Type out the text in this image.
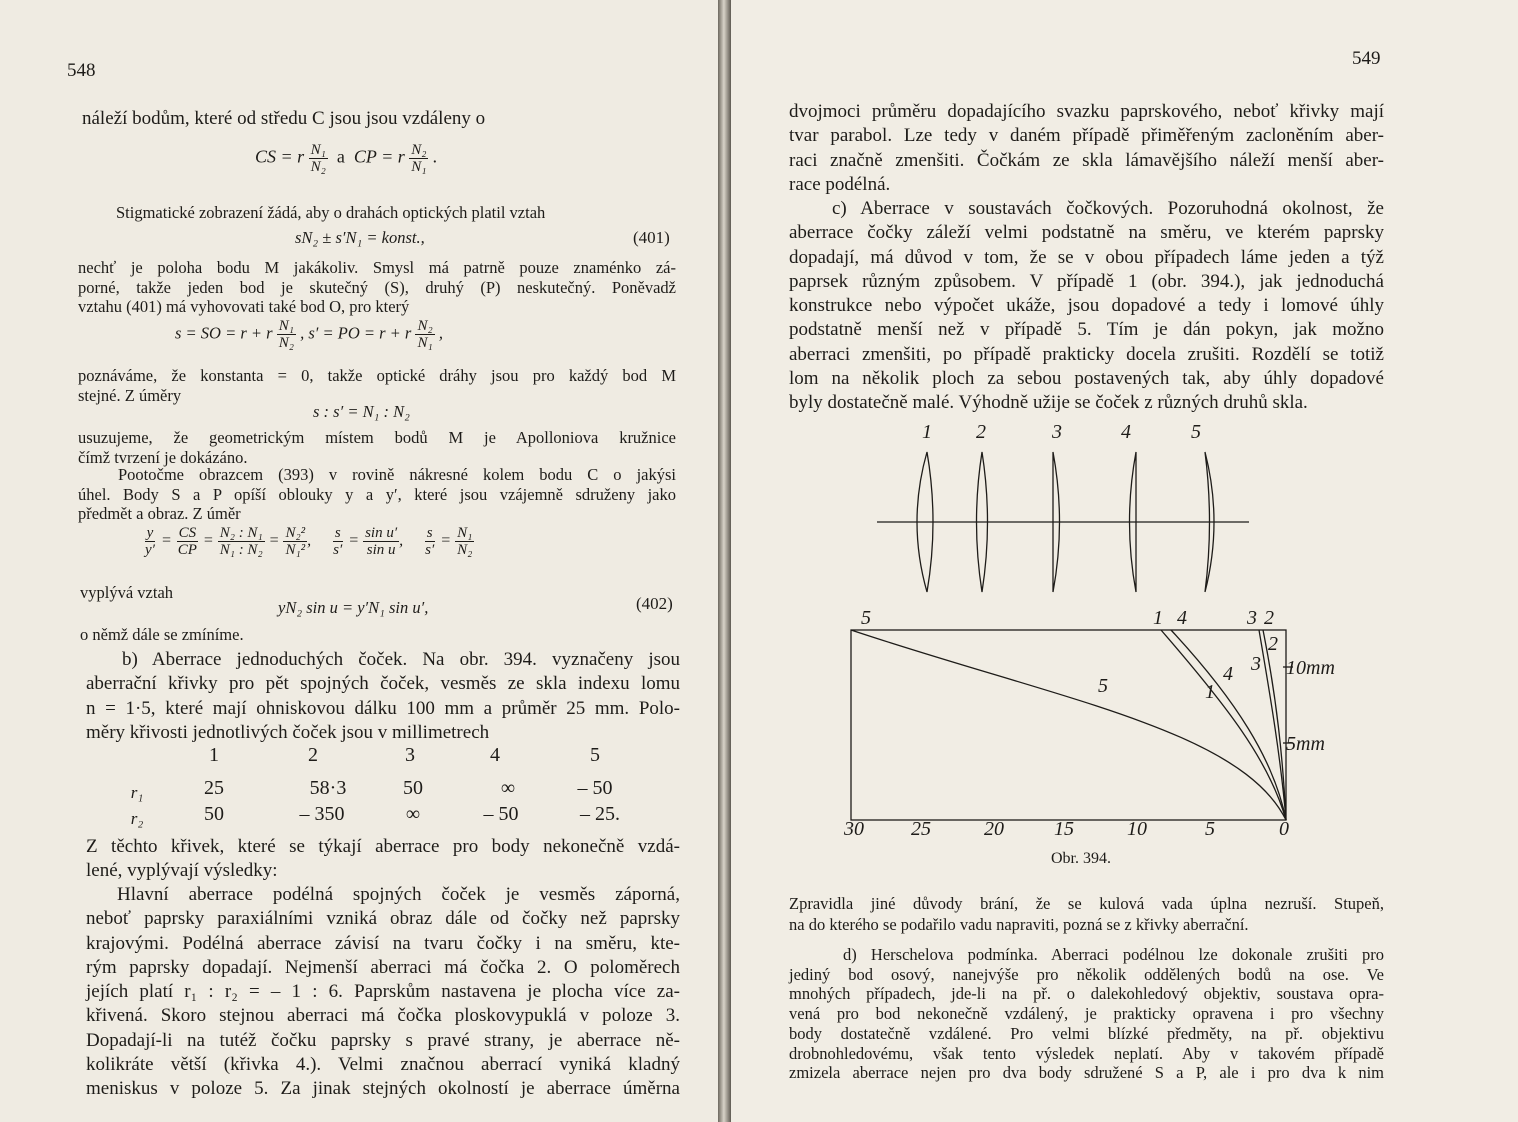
548

náleží bodům, které od středu C jsou jsou vzdáleny o

CS = r $\frac{\text{N₁}}{\text{N₂}}$ a CP = r $\frac{\text{N₂}}{\text{N₁}}$ .

Stigmatické zobrazení žádá, aby o drahách optických platil vztah

sN₂ ± s′N₁ = konst.,	(401)
nechť je poloha bodu M jakákoliv. Smysl má patrně pouze znaménko zá-
porné, takže jeden bod je skutečný (S), druhý (P) neskutečný. Poněvadž
vztahu (401) má vyhovovati také bod O, pro který
s = SO = r + r $\frac{\text{N₁}}{\text{N₂}}$ , s′ = PO = r + r $\frac{\text{N₂}}{\text{N₁}}$ ,
poznáváme, že konstanta = 0, takže optické dráhy jsou pro každý bod M
stejné. Z úměry
s : s′ = N₁ : N₂
usuzujeme, že geometrickým místem bodů M je Apolloniova kružnice
čímž tvrzení je dokázáno.
Pootočme obrazcem (393) v rovině nákresné kolem bodu C o jakýsi
úhel. Body S a P opíší oblouky y a y′, které jsou vzájemně sdruženy jako
předmět a obraz. Z úměr
$\frac{y}{y'} = \frac{CS}{CP} = \frac{\text{N₂ : N₁}}{\text{N₁ : N₂}} = \frac{\text{N₂²}}{\text{N₁²}}$ , $\frac{s}{s'} = \frac{\text{sin u′}}{\text{sin u}}$ , $\frac{s}{s'} = \frac{\text{N₁}}{\text{N₂}}$

vyplývá vztah

yN₂ sin u = y′N₁ sin u′,	(402)

o němž dále se zmíníme.

b) Aberrace jednoduchých čoček. Na obr. 394. vyznačeny jsou
aberrační křivky pro pět spojných čoček, vesměs ze skla indexu lomu
n = 1·5, které mají ohniskovou dálku 100 mm a průměr 25 mm. Polo-
měry křivosti jednotlivých čoček jsou v millimetrech
1	2	3	4	5
r₁	25	58·3	50	∞	– 50
r₂	50	– 350	∞	– 50	– 25.
Z těchto křivek, které se týkají aberrace pro body nekonečně vzdá-
lené, vyplývají výsledky:
Hlavní aberrace podélná spojných čoček je vesměs záporná,
neboť paprsky paraxiálními vzniká obraz dále od čočky než paprsky
krajovými. Podélná aberrace závisí na tvaru čočky i na směru, kte-
rým paprsky dopadají. Nejmenší aberraci má čočka 2. O poloměrech
jejích platí r₁ : r₂ = – 1 : 6. Paprskům nastavena je plocha více za-
křivená. Skoro stejnou aberraci má čočka ploskovypuklá v poloze 3.
Dopadají-li na tutéž čočku paprsky s pravé strany, je aberrace ně-
kolikráte větší (křivka 4.). Velmi značnou aberrací vyniká kladný
meniskus v poloze 5. Za jinak stejných okolností je aberrace úměrna

549

dvojmoci průměru dopadajícího svazku paprskového, neboť křivky mají
tvar parabol. Lze tedy v daném případě přiměřeným zacloněním aber-
raci značně zmenšiti. Čočkám ze skla lámavějšího náleží menší aber-
race podélná.
c) Aberrace v soustavách čočkových. Pozoruhodná okolnost, že
aberrace čočky záleží velmi podstatně na směru, ve kterém paprsky
dopadají, má důvod v tom, že se v obou případech láme jeden a týž
paprsek různým způsobem. V případě 1 (obr. 394.), jak jednoduchá
konstrukce nebo výpočet ukáže, jsou dopadové a tedy i lomové úhly
podstatně menší než v případě 5. Tím je dán pokyn, jak možno
aberraci zmenšiti, po případě prakticky docela zrušiti. Rozdělí se totiž
lom na několik ploch za sebou postavených tak, aby úhly dopadové
byly dostatečně malé. Výhodně užije se čoček z různých druhů skla.
1 2	3	4	5
5	1 4	3 2
5	1
4 3
2
10mm
5mm
30 25	20	15	10	5	0
Obr. 394.
Zpravidla jiné důvody brání, že se kulová vada úplna nezruší. Stupeň,
na do kterého se podařilo vadu napraviti, pozná se z křivky aberrační.
d) Herschelova podmínka. Aberraci podélnou lze dokonale zrušiti pro
jediný bod osový, nanejvýše pro několik oddělených bodů na ose. Ve
mnohých případech, jde-li na př. o dalekohledový objektiv, soustava opra-
vená pro bod nekonečně vzdálený, je prakticky opravena i pro všechny
body dostatečně vzdálené. Pro velmi blízké předměty, na př. objektivu
drobnohledovému, však tento výsledek neplatí. Aby v takovém případě
zmizela aberrace nejen pro dva body sdružené S a P, ale i pro dva k nim
